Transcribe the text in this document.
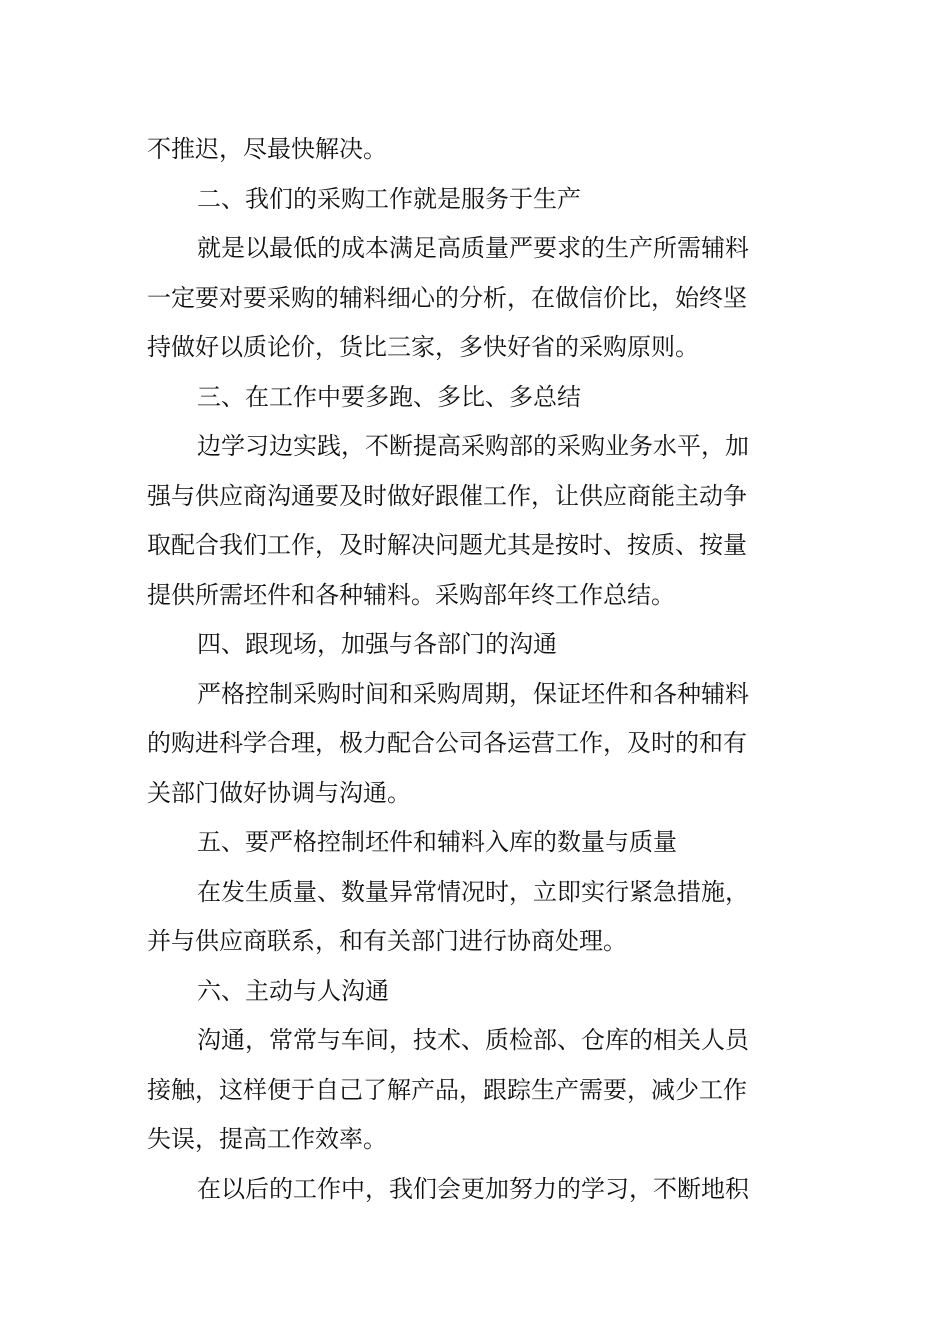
不推迟，尽最快解决。

二、我们的采购工作就是服务于生产

就是以最低的成本满足高质量严要求的生产所需辅料

一定要对要采购的辅料细心的分析，在做信价比，始终坚

持做好以质论价，货比三家，多快好省的采购原则。

三、在工作中要多跑、多比、多总结

边学习边实践，不断提高采购部的采购业务水平，加

强与供应商沟通要及时做好跟催工作，让供应商能主动争

取配合我们工作，及时解决问题尤其是按时、按质、按量

提供所需坯件和各种辅料。采购部年终工作总结。

四、跟现场，加强与各部门的沟通

严格控制采购时间和采购周期，保证坯件和各种辅料

的购进科学合理，极力配合公司各运营工作，及时的和有

关部门做好协调与沟通。

五、要严格控制坯件和辅料入库的数量与质量

在发生质量、数量异常情况时，立即实行紧急措施，

并与供应商联系，和有关部门进行协商处理。

六、主动与人沟通

沟通，常常与车间，技术、质检部、仓库的相关人员

接触，这样便于自己了解产品，跟踪生产需要，减少工作

失误，提高工作效率。

在以后的工作中，我们会更加努力的学习，不断地积
